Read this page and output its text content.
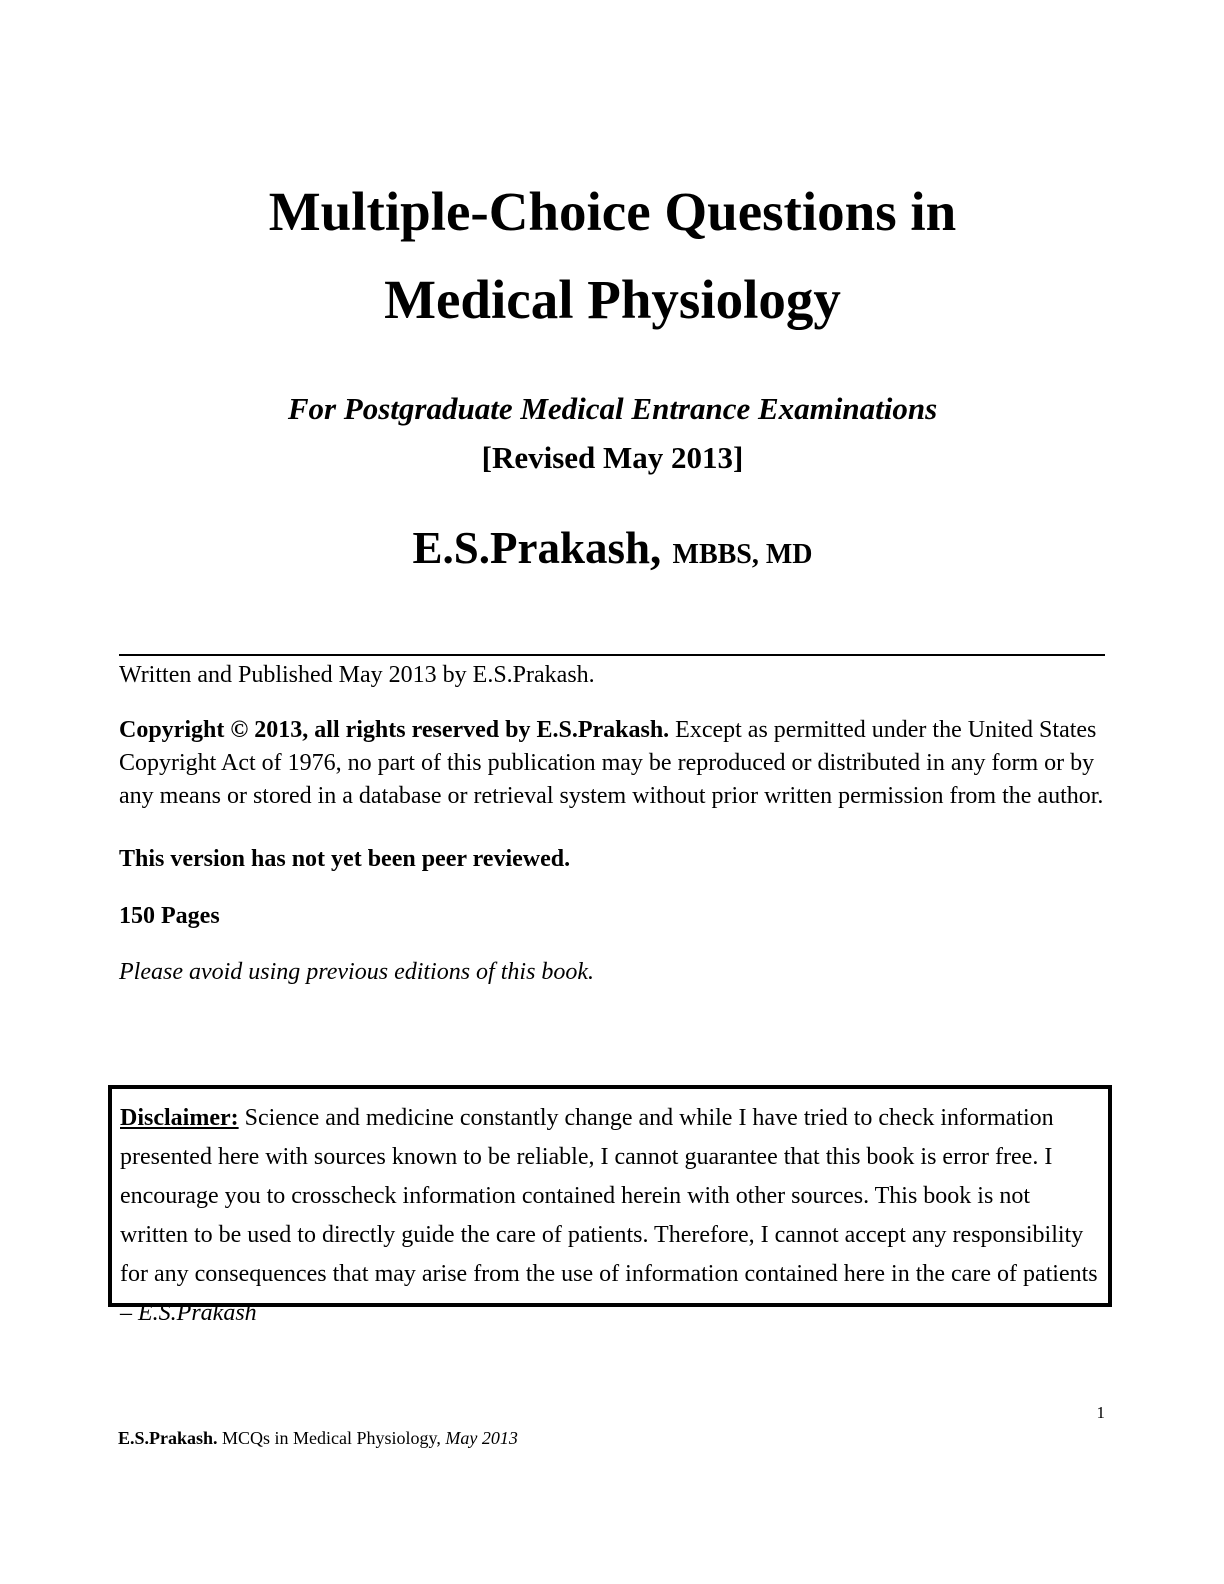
Multiple-Choice Questions in
Medical Physiology
For Postgraduate Medical Entrance Examinations
[Revised May 2013]
E.S.Prakash, MBBS, MD
Written and Published May 2013 by E.S.Prakash.

Copyright © 2013, all rights reserved by E.S.Prakash. Except as permitted under the United States Copyright Act of 1976, no part of this publication may be reproduced or distributed in any form or by any means or stored in a database or retrieval system without prior written permission from the author.

This version has not yet been peer reviewed.
150 Pages
Please avoid using previous editions of this book.
Disclaimer: Science and medicine constantly change and while I have tried to check information presented here with sources known to be reliable, I cannot guarantee that this book is error free. I encourage you to crosscheck information contained herein with other sources. This book is not written to be used to directly guide the care of patients. Therefore, I cannot accept any responsibility for any consequences that may arise from the use of information contained here in the care of patients – E.S.Prakash
1
E.S.Prakash. MCQs in Medical Physiology, May 2013
